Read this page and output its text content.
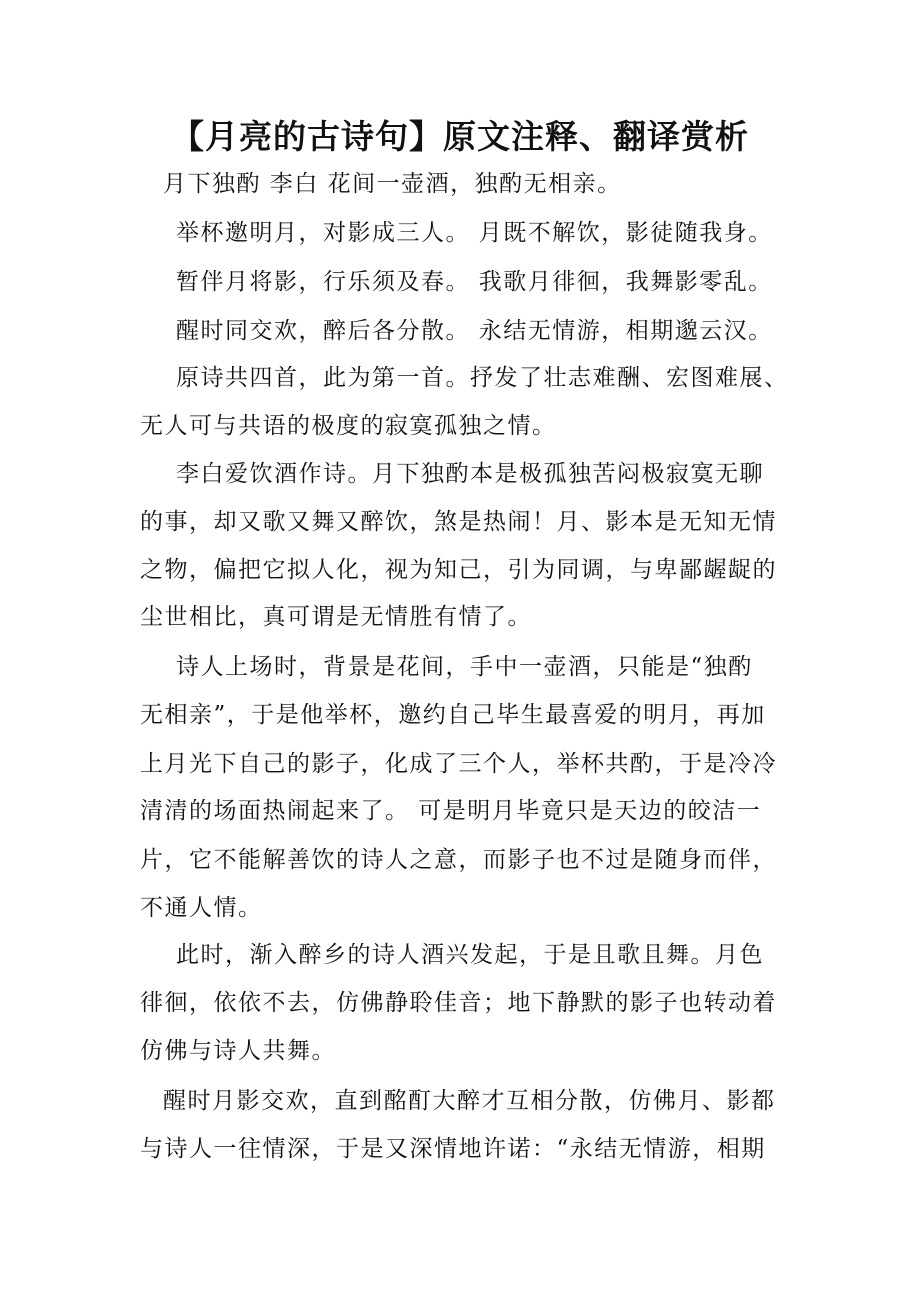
【月亮的古诗句】原文注释、翻译赏析
月下独酌 李白 花间一壶酒，独酌无相亲。
举杯邀明月，对影成三人。 月既不解饮，影徒随我身。
暂伴月将影，行乐须及春。 我歌月徘徊，我舞影零乱。
醒时同交欢，醉后各分散。 永结无情游，相期邈云汉。
原诗共四首，此为第一首。抒发了壮志难酬、宏图难展、
无人可与共语的极度的寂寞孤独之情。
李白爱饮酒作诗。月下独酌本是极孤独苦闷极寂寞无聊
的事，却又歌又舞又醉饮，煞是热闹！月、影本是无知无情
之物，偏把它拟人化，视为知己，引为同调，与卑鄙龌龊的
尘世相比，真可谓是无情胜有情了。
诗人上场时，背景是花间，手中一壶酒，只能是“独酌
无相亲”，于是他举杯，邀约自己毕生最喜爱的明月，再加
上月光下自己的影子，化成了三个人，举杯共酌，于是冷冷
清清的场面热闹起来了。 可是明月毕竟只是天边的皎洁一
片，它不能解善饮的诗人之意，而影子也不过是随身而伴，
不通人情。
此时，渐入醉乡的诗人酒兴发起，于是且歌且舞。月色
徘徊，依依不去，仿佛静聆佳音；地下静默的影子也转动着
仿佛与诗人共舞。
醒时月影交欢，直到酩酊大醉才互相分散，仿佛月、影都
与诗人一往情深，于是又深情地许诺：“永结无情游，相期
